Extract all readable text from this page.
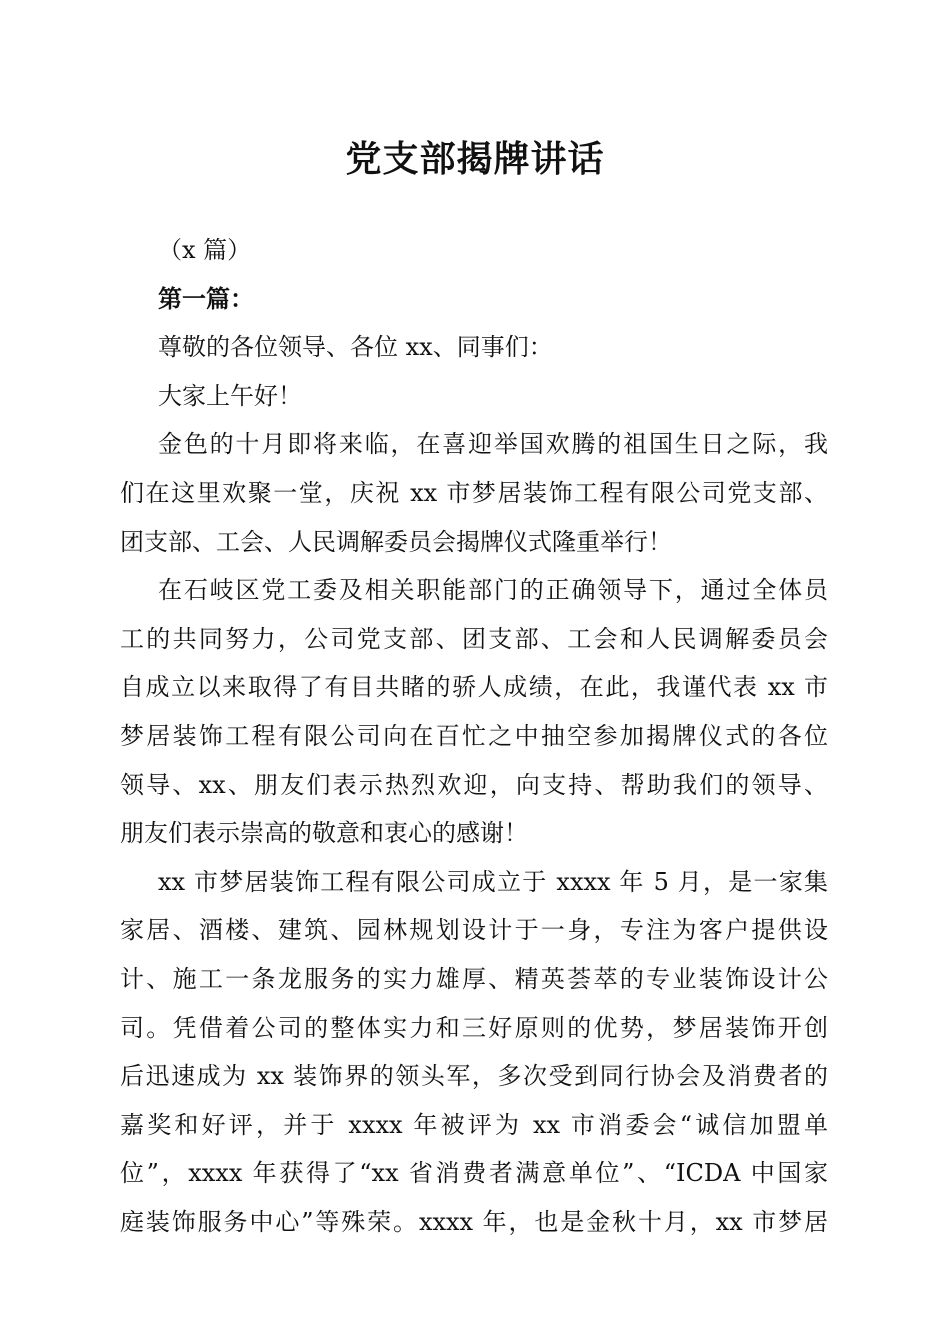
党支部揭牌讲话
（x 篇）
第一篇：
尊敬的各位领导、各位 xx、同事们：
大家上午好！
金色的十月即将来临，在喜迎举国欢腾的祖国生日之际，我
们在这里欢聚一堂，庆祝 xx 市梦居装饰工程有限公司党支部、
团支部、工会、人民调解委员会揭牌仪式隆重举行！
在石岐区党工委及相关职能部门的正确领导下，通过全体员
工的共同努力，公司党支部、团支部、工会和人民调解委员会
自成立以来取得了有目共睹的骄人成绩，在此，我谨代表 xx 市
梦居装饰工程有限公司向在百忙之中抽空参加揭牌仪式的各位
领导、xx、朋友们表示热烈欢迎，向支持、帮助我们的领导、
朋友们表示崇高的敬意和衷心的感谢！
xx 市梦居装饰工程有限公司成立于 xxxx 年 5 月，是一家集
家居、酒楼、建筑、园林规划设计于一身，专注为客户提供设
计、施工一条龙服务的实力雄厚、精英荟萃的专业装饰设计公
司。凭借着公司的整体实力和三好原则的优势，梦居装饰开创
后迅速成为 xx 装饰界的领头军，多次受到同行协会及消费者的
嘉奖和好评，并于 xxxx 年被评为 xx 市消委会“诚信加盟单
位”，xxxx 年获得了“xx 省消费者满意单位”、“ICDA 中国家
庭装饰服务中心”等殊荣。xxxx 年，也是金秋十月，xx 市梦居
